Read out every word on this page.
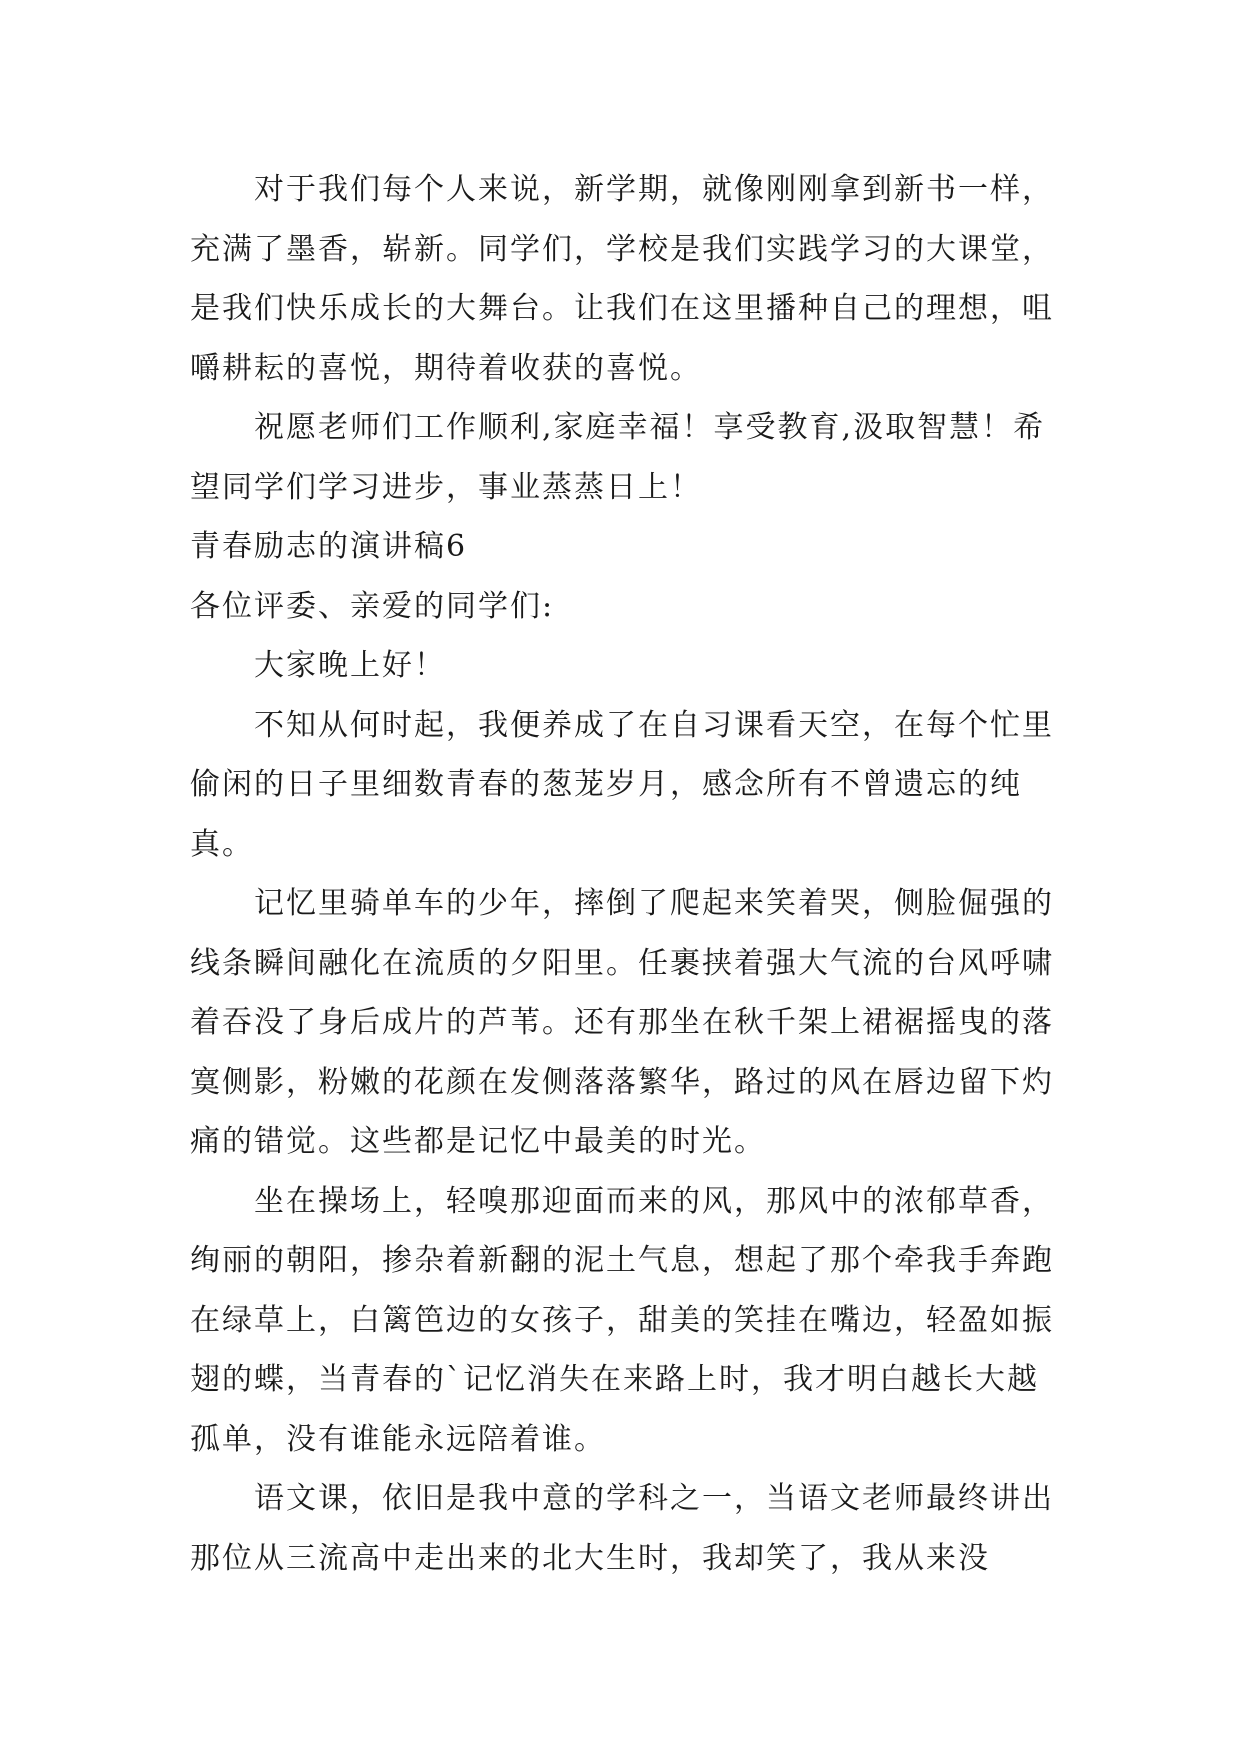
对于我们每个人来说，新学期，就像刚刚拿到新书一样，充满了墨香，崭新。同学们，学校是我们实践学习的大课堂，是我们快乐成长的大舞台。让我们在这里播种自己的理想，咀嚼耕耘的喜悦，期待着收获的喜悦。

祝愿老师们工作顺利,家庭幸福！享受教育,汲取智慧！希望同学们学习进步，事业蒸蒸日上！

青春励志的演讲稿6

各位评委、亲爱的同学们:

大家晚上好！

不知从何时起，我便养成了在自习课看天空，在每个忙里偷闲的日子里细数青春的葱茏岁月，感念所有不曾遗忘的纯真。

记忆里骑单车的少年，摔倒了爬起来笑着哭，侧脸倔强的线条瞬间融化在流质的夕阳里。任裹挟着强大气流的台风呼啸着吞没了身后成片的芦苇。还有那坐在秋千架上裙裾摇曳的落寞侧影，粉嫩的花颜在发侧落落繁华，路过的风在唇边留下灼痛的错觉。这些都是记忆中最美的时光。

坐在操场上，轻嗅那迎面而来的风，那风中的浓郁草香，绚丽的朝阳，掺杂着新翻的泥土气息，想起了那个牵我手奔跑在绿草上，白篱笆边的女孩子，甜美的笑挂在嘴边，轻盈如振翅的蝶，当青春的`记忆消失在来路上时，我才明白越长大越孤单，没有谁能永远陪着谁。

语文课，依旧是我中意的学科之一，当语文老师最终讲出那位从三流高中走出来的北大生时，我却笑了，我从来没
